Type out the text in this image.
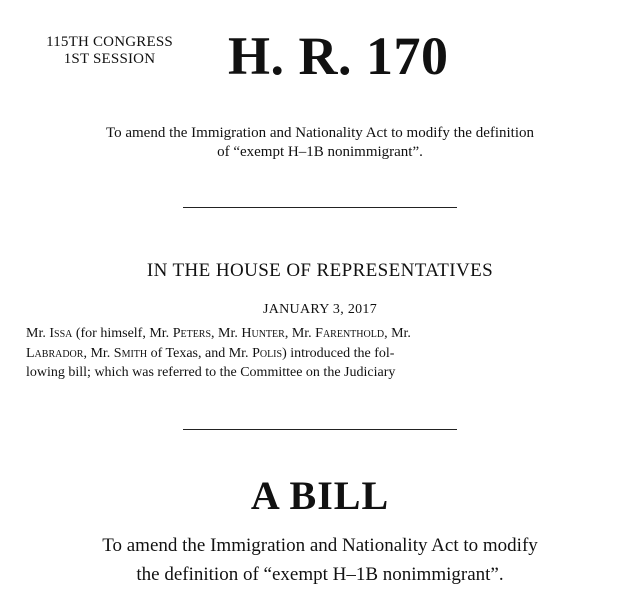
115TH CONGRESS
1ST SESSION	H. R. 170
To amend the Immigration and Nationality Act to modify the definition
of “exempt H–1B nonimmigrant”.
IN THE HOUSE OF REPRESENTATIVES
JANUARY 3, 2017

Mr. Issa (for himself, Mr. Peters, Mr. Hunter, Mr. Farenthold, Mr.

Labrador, Mr. Smith of Texas, and Mr. Polis) introduced the fol-

lowing bill; which was referred to the Committee on the Judiciary

A BILL
To amend the Immigration and Nationality Act to modify
the definition of “exempt H–1B nonimmigrant”.
